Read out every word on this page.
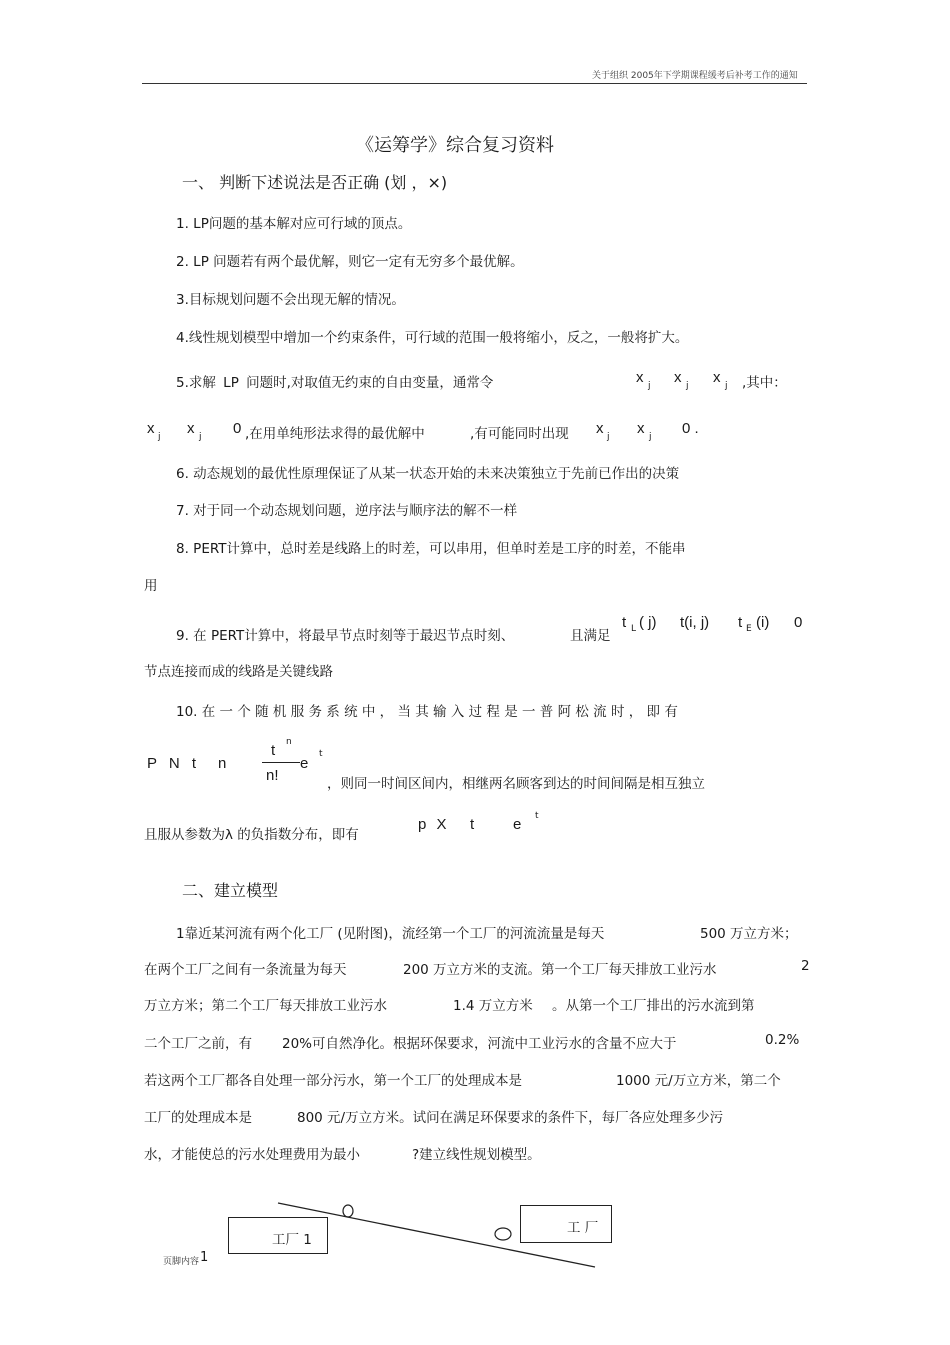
关于组织 2005年下学期课程缓考后补考工作的通知
《运筹学》综合复习资料
一、 判断下述说法是否正确 (划 ，×)
1. LP问题的基本解对应可行域的顶点。
2. LP 问题若有两个最优解，则它一定有无穷多个最优解。
3.目标规划问题不会出现无解的情况。
4.线性规划模型中增加一个约束条件，可行域的范围一般将缩小，反之，一般将扩大。
5.求解 LP 问题时,对取值无约束的自由变量，通常令	x j x j x j ,其中：
x j x j 0 ,在用单纯形法求得的最优解中	,有可能同时出现 x j x j 0 .
6. 动态规划的最优性原理保证了从某一状态开始的未来决策独立于先前已作出的决策
7. 对于同一个动态规划问题，逆序法与顺序法的解不一样
8. PERT计算中，总时差是线路上的时差，可以串用，但单时差是工序的时差，不能串
用
9. 在 PERT计算中，将最早节点时刻等于最迟节点时刻、	且满足
t L ( j) t(i, j) t E (i) 0
节点连接而成的线路是关键线路
10. 在 一 个 随 机 服 务 系 统 中 ， 当 其 输 入 过 程 是 一 普 阿 松 流 时 ， 即 有
P N t n
t n
n!
e
t
，则同一时间区间内，相继两名顾客到达的时间间隔是相互独立
且服从参数为λ 的负指数分布，即有
p X t	e t
二、建立模型
1靠近某河流有两个化工厂 (见附图)，流经第一个工厂的河流流量是每天	500 万立方米；
在两个工厂之间有一条流量为每天	200 万立方米的支流。第一个工厂每天排放工业污水	2
万立方米；第二个工厂每天排放工业污水	1.4 万立方米 。从第一个工厂排出的污水流到第
二个工厂之前，有 20%可自然净化。根据环保要求，河流中工业污水的含量不应大于	0.2%
若这两个工厂都各自处理一部分污水，第一个工厂的处理成本是	1000 元/万立方米，第二个
工厂的处理成本是	800 元/万立方米。试问在满足环保要求的条件下，每厂各应处理多少污
水，才能使总的污水处理费用为最小	?建立线性规划模型。
工厂 1
工 厂
页脚内容 1
